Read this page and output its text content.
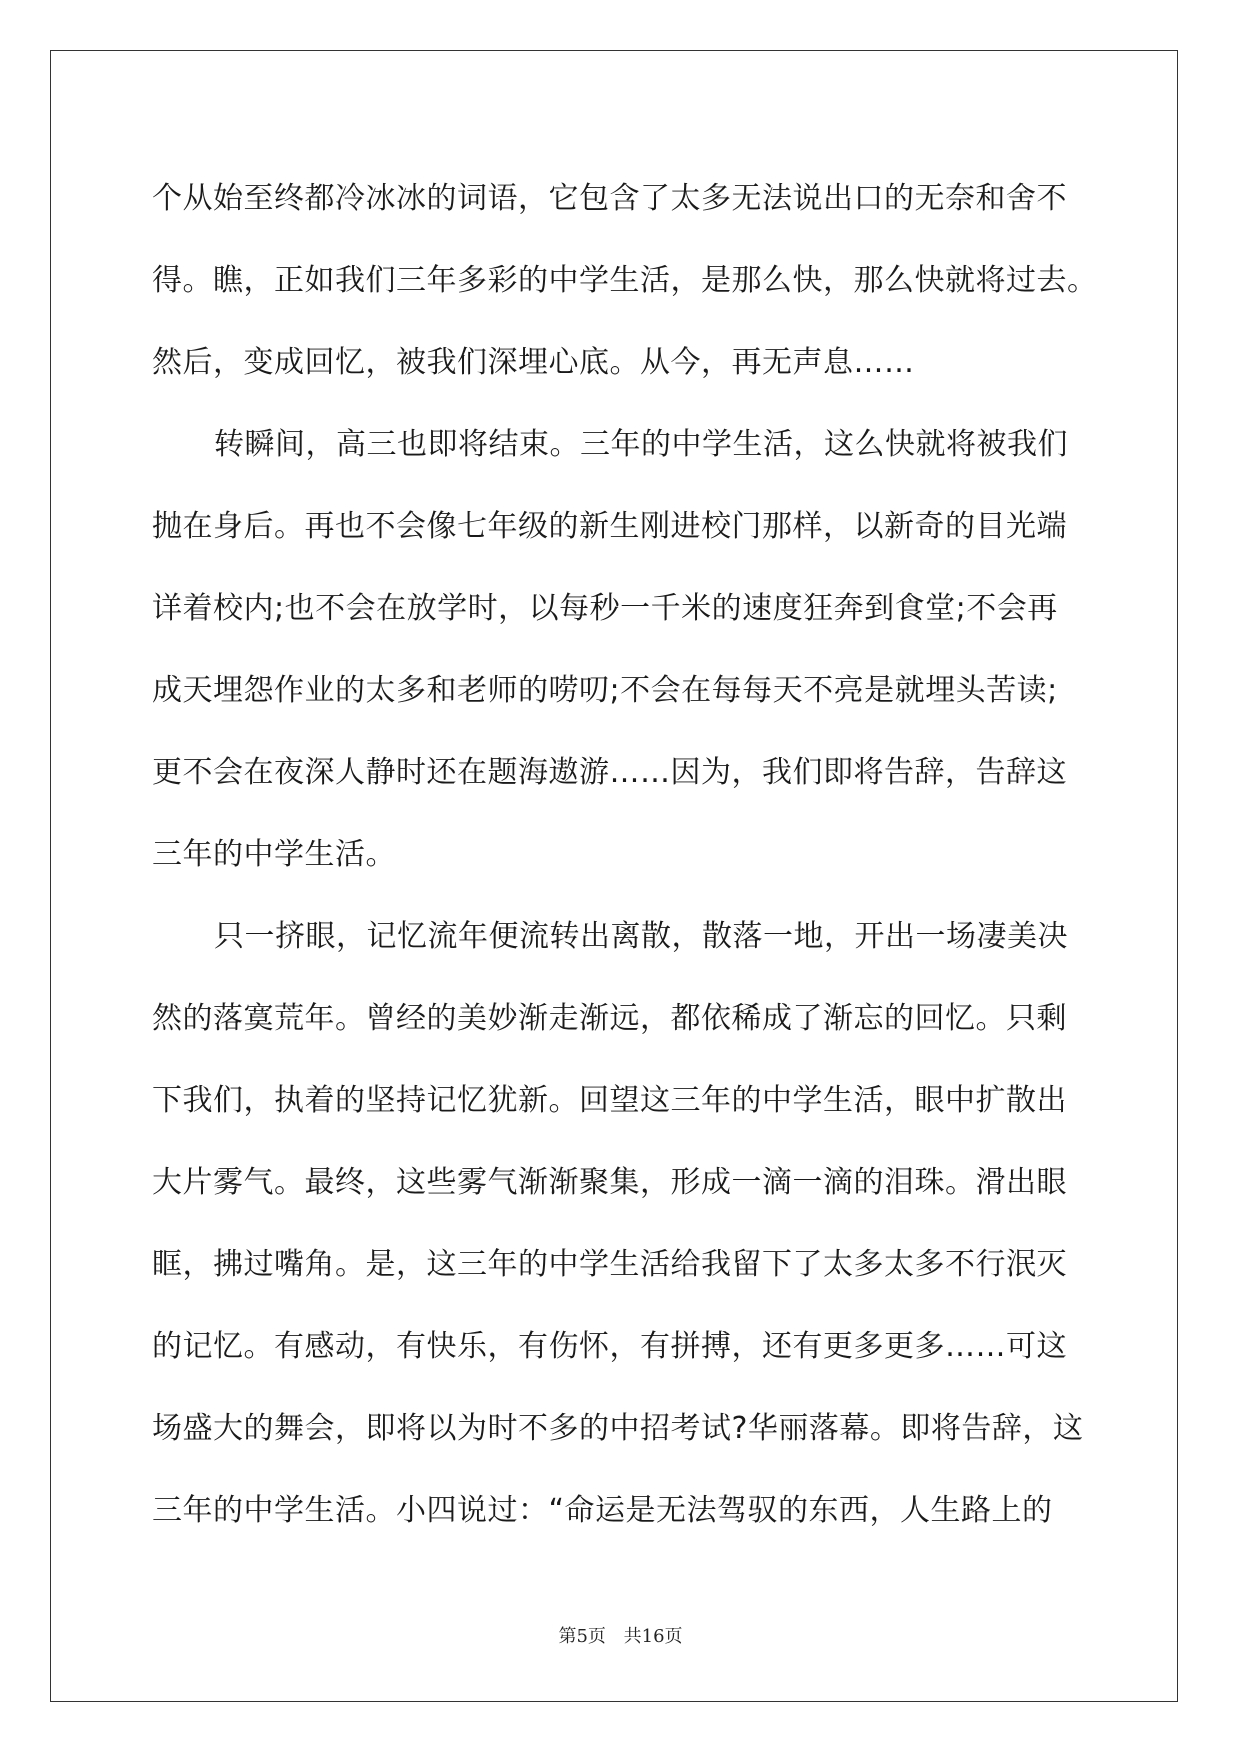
个从始至终都冷冰冰的词语，它包含了太多无法说出口的无奈和舍不
得。瞧，正如我们三年多彩的中学生活，是那么快，那么快就将过去。
然后，变成回忆，被我们深埋心底。从今，再无声息……
转瞬间，高三也即将结束。三年的中学生活，这么快就将被我们
抛在身后。再也不会像七年级的新生刚进校门那样，以新奇的目光端
详着校内;也不会在放学时，以每秒一千米的速度狂奔到食堂;不会再
成天埋怨作业的太多和老师的唠叨;不会在每每天不亮是就埋头苦读;
更不会在夜深人静时还在题海遨游……因为，我们即将告辞，告辞这
三年的中学生活。
只一挤眼，记忆流年便流转出离散，散落一地，开出一场凄美决
然的落寞荒年。曾经的美妙渐走渐远，都依稀成了渐忘的回忆。只剩
下我们，执着的坚持记忆犹新。回望这三年的中学生活，眼中扩散出
大片雾气。最终，这些雾气渐渐聚集，形成一滴一滴的泪珠。滑出眼
眶，拂过嘴角。是，这三年的中学生活给我留下了太多太多不行泯灭
的记忆。有感动，有快乐，有伤怀，有拼搏，还有更多更多……可这
场盛大的舞会，即将以为时不多的中招考试?华丽落幕。即将告辞，这
三年的中学生活。小四说过：“命运是无法驾驭的东西，人生路上的
第5页 共16页
